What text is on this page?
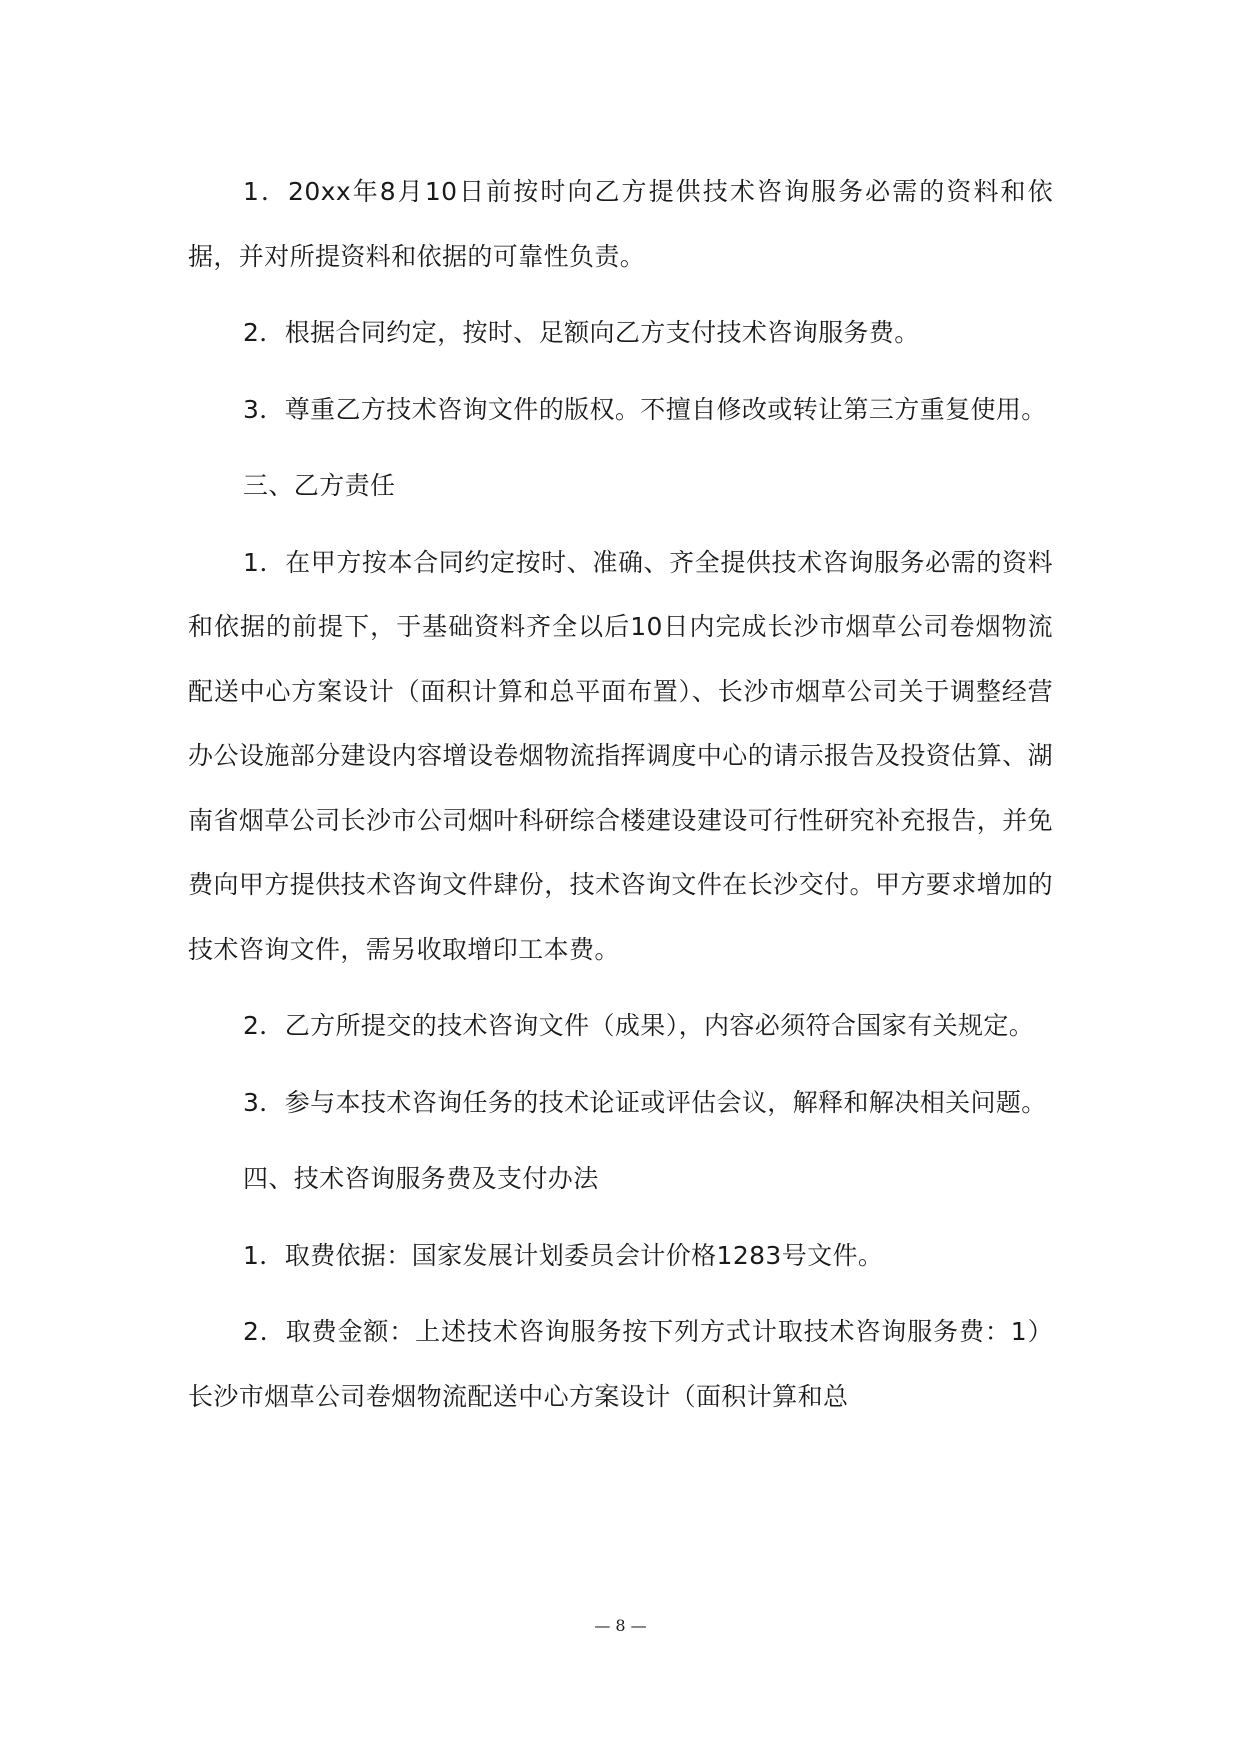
1．20xx年8月10日前按时向乙方提供技术咨询服务必需的资料和依据，并对所提资料和依据的可靠性负责。

2．根据合同约定，按时、足额向乙方支付技术咨询服务费。

3．尊重乙方技术咨询文件的版权。不擅自修改或转让第三方重复使用。

三、乙方责任

1．在甲方按本合同约定按时、准确、齐全提供技术咨询服务必需的资料和依据的前提下，于基础资料齐全以后10日内完成长沙市烟草公司卷烟物流配送中心方案设计（面积计算和总平面布置）、长沙市烟草公司关于调整经营办公设施部分建设内容增设卷烟物流指挥调度中心的请示报告及投资估算、湖南省烟草公司长沙市公司烟叶科研综合楼建设建设可行性研究补充报告，并免费向甲方提供技术咨询文件肆份，技术咨询文件在长沙交付。甲方要求增加的技术咨询文件，需另收取增印工本费。

2．乙方所提交的技术咨询文件（成果），内容必须符合国家有关规定。

3．参与本技术咨询任务的技术论证或评估会议，解释和解决相关问题。

四、技术咨询服务费及支付办法

1．取费依据：国家发展计划委员会计价格1283号文件。

2．取费金额：上述技术咨询服务按下列方式计取技术咨询服务费：1）长沙市烟草公司卷烟物流配送中心方案设计（面积计算和总

— 8 —
